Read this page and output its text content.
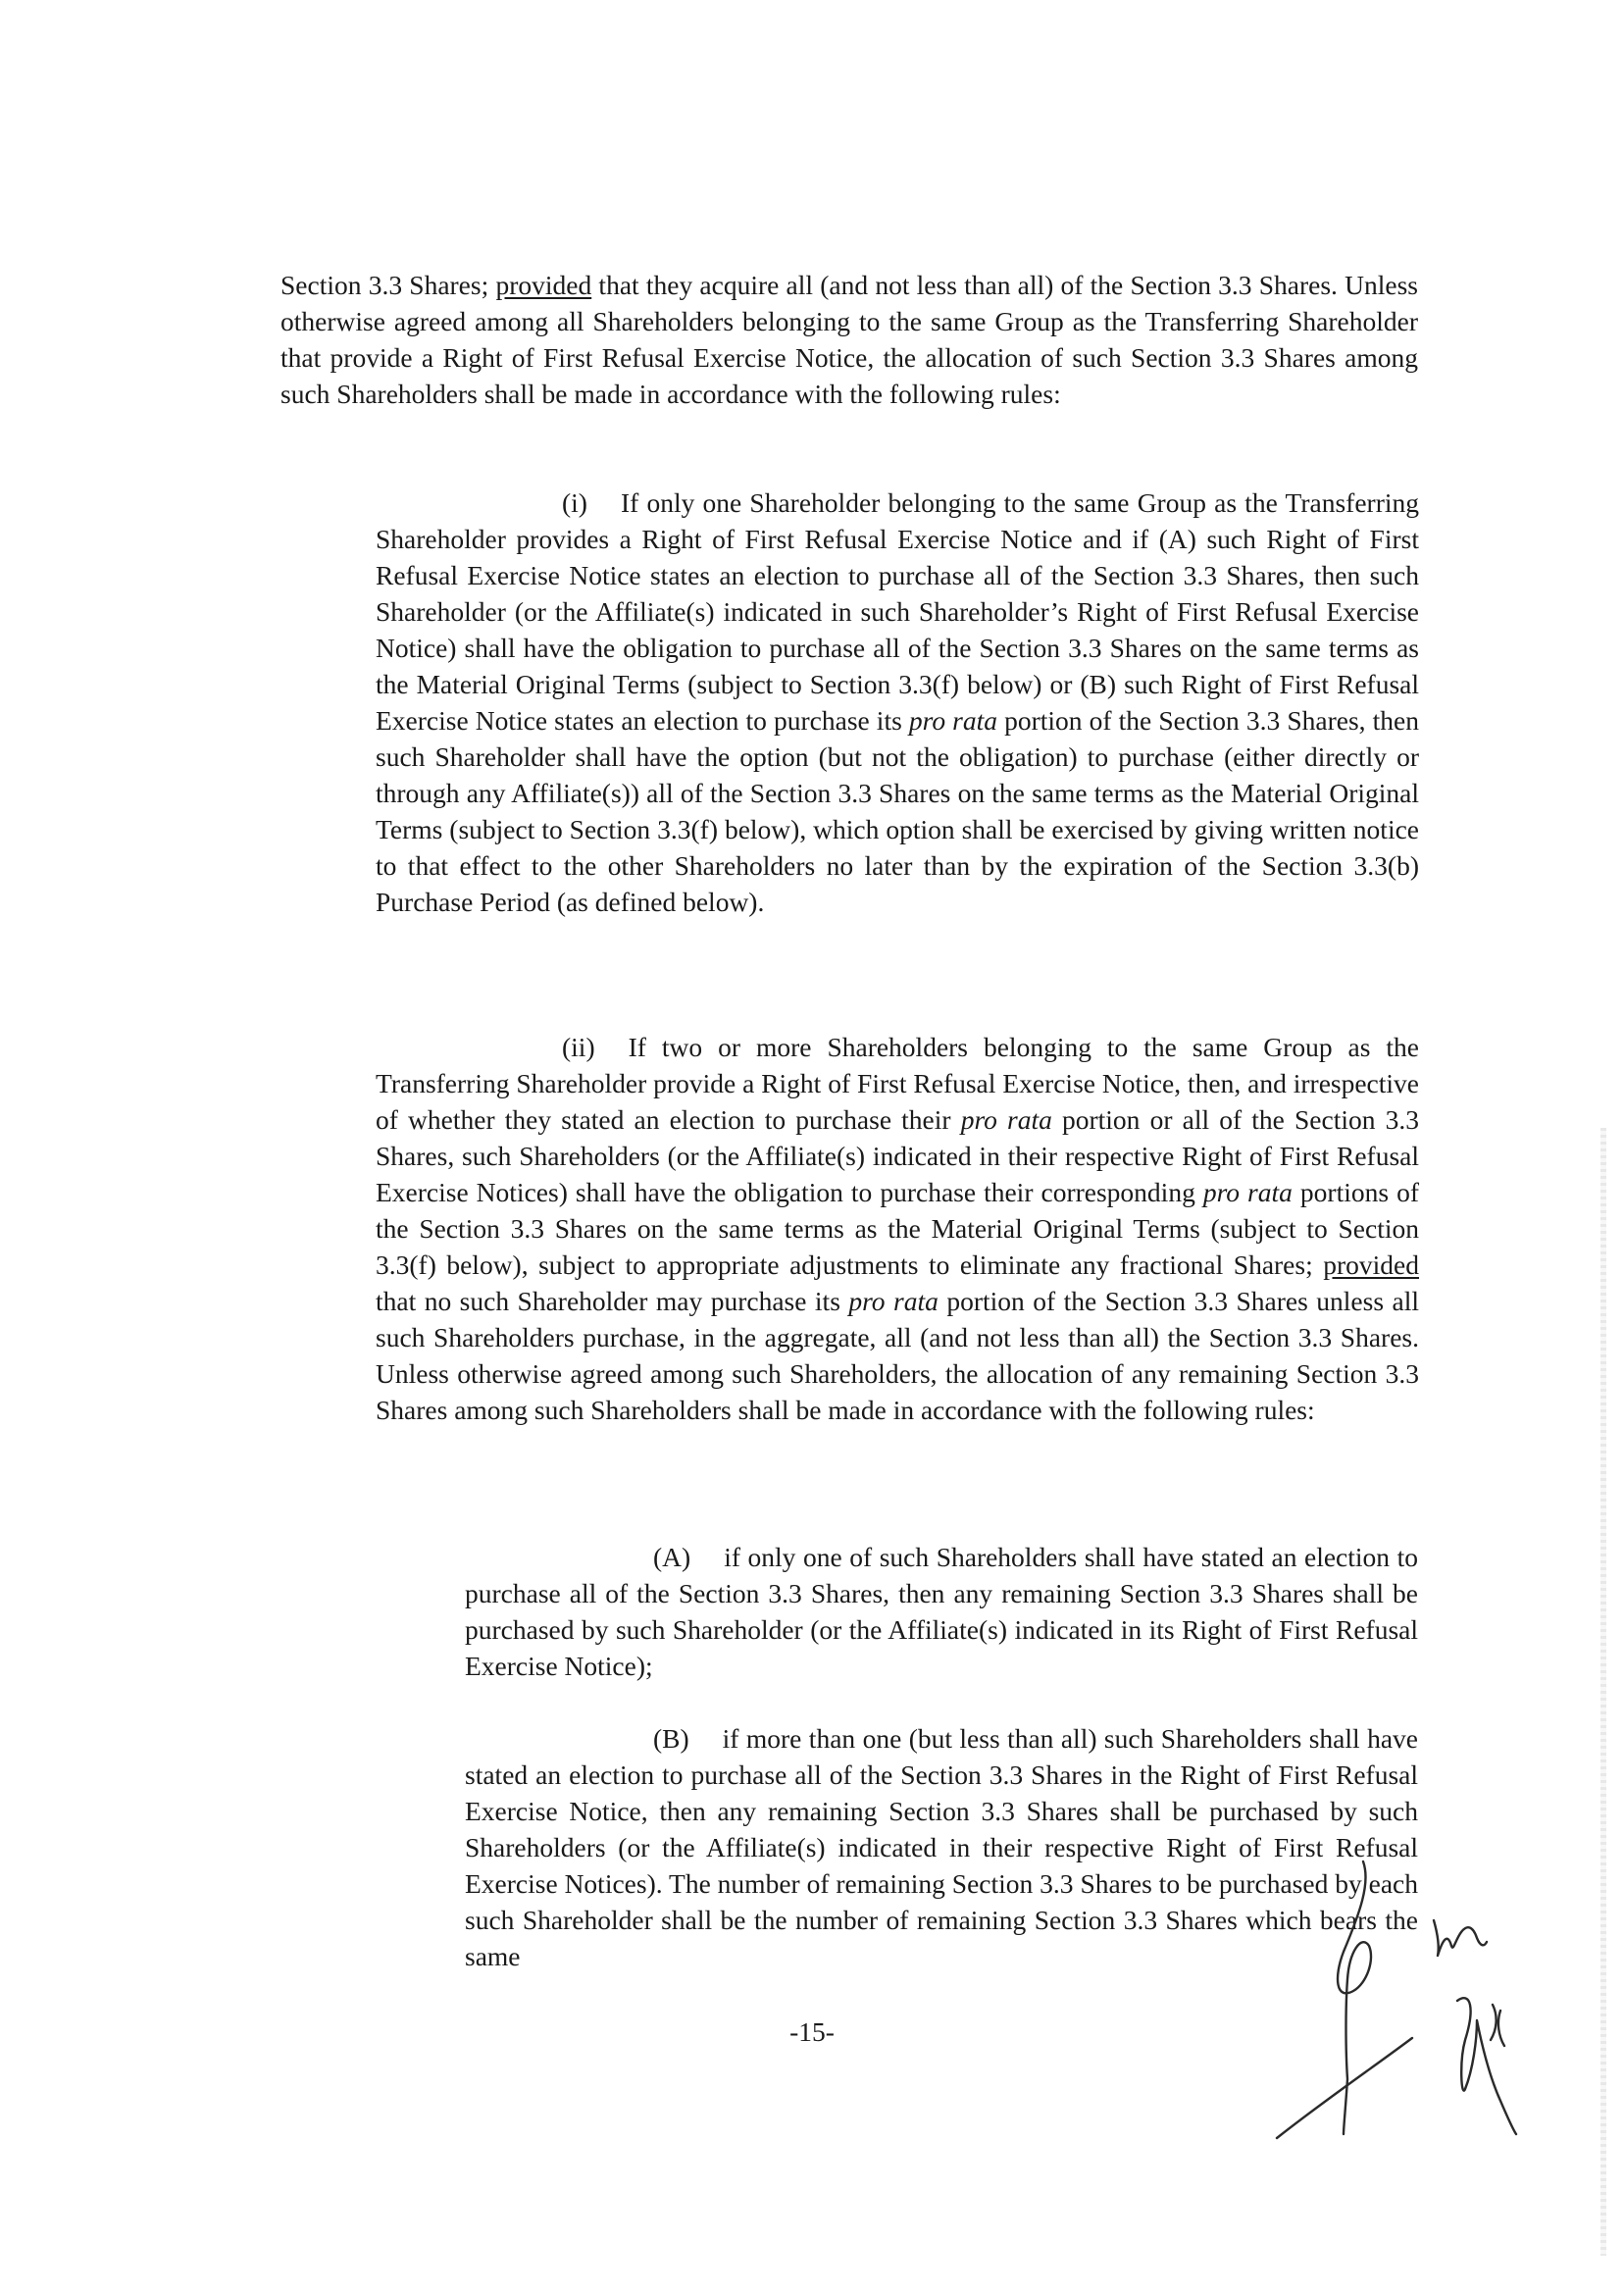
Section 3.3 Shares; provided that they acquire all (and not less than all) of the Section 3.3 Shares. Unless otherwise agreed among all Shareholders belonging to the same Group as the Transferring Shareholder that provide a Right of First Refusal Exercise Notice, the allocation of such Section 3.3 Shares among such Shareholders shall be made in accordance with the following rules:

(i) If only one Shareholder belonging to the same Group as the Transferring Shareholder provides a Right of First Refusal Exercise Notice and if (A) such Right of First Refusal Exercise Notice states an election to purchase all of the Section 3.3 Shares, then such Shareholder (or the Affiliate(s) indicated in such Shareholder’s Right of First Refusal Exercise Notice) shall have the obligation to purchase all of the Section 3.3 Shares on the same terms as the Material Original Terms (subject to Section 3.3(f) below) or (B) such Right of First Refusal Exercise Notice states an election to purchase its pro rata portion of the Section 3.3 Shares, then such Shareholder shall have the option (but not the obligation) to purchase (either directly or through any Affiliate(s)) all of the Section 3.3 Shares on the same terms as the Material Original Terms (subject to Section 3.3(f) below), which option shall be exercised by giving written notice to that effect to the other Shareholders no later than by the expiration of the Section 3.3(b) Purchase Period (as defined below).

(ii) If two or more Shareholders belonging to the same Group as the Transferring Shareholder provide a Right of First Refusal Exercise Notice, then, and irrespective of whether they stated an election to purchase their pro rata portion or all of the Section 3.3 Shares, such Shareholders (or the Affiliate(s) indicated in their respective Right of First Refusal Exercise Notices) shall have the obligation to purchase their corresponding pro rata portions of the Section 3.3 Shares on the same terms as the Material Original Terms (subject to Section 3.3(f) below), subject to appropriate adjustments to eliminate any fractional Shares; provided that no such Shareholder may purchase its pro rata portion of the Section 3.3 Shares unless all such Shareholders purchase, in the aggregate, all (and not less than all) the Section 3.3 Shares. Unless otherwise agreed among such Shareholders, the allocation of any remaining Section 3.3 Shares among such Shareholders shall be made in accordance with the following rules:

(A) if only one of such Shareholders shall have stated an election to purchase all of the Section 3.3 Shares, then any remaining Section 3.3 Shares shall be purchased by such Shareholder (or the Affiliate(s) indicated in its Right of First Refusal Exercise Notice);

(B) if more than one (but less than all) such Shareholders shall have stated an election to purchase all of the Section 3.3 Shares in the Right of First Refusal Exercise Notice, then any remaining Section 3.3 Shares shall be purchased by such Shareholders (or the Affiliate(s) indicated in their respective Right of First Refusal Exercise Notices). The number of remaining Section 3.3 Shares to be purchased by each such Shareholder shall be the number of remaining Section 3.3 Shares which bears the same

-15-
